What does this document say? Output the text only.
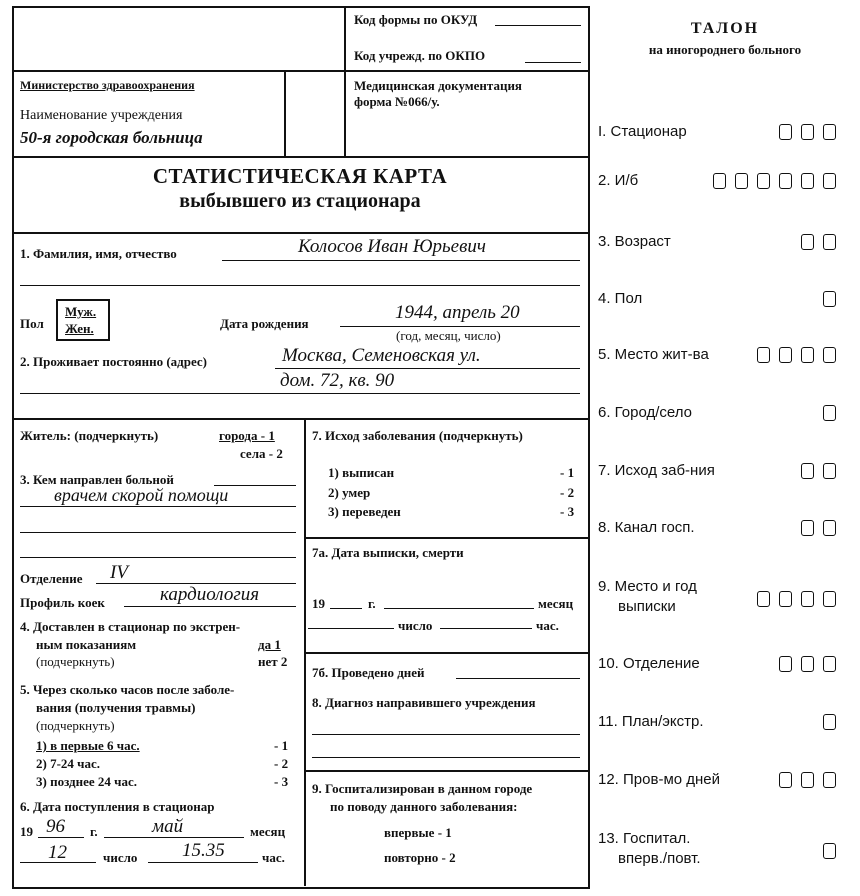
Код формы по ОКУД
Код учрежд. по ОКПО
Министерство здравоохранения
Наименование учреждения
50-я городская больница
Медицинская документация
форма №066/у.
СТАТИСТИЧЕСКАЯ КАРТА
выбывшего из стационара
1. Фамилия, имя, отчество	Колосов Иван Юрьевич
Пол
Муж.
Жен.	Дата рождения
1944, апрель 20
(год, месяц, число)
2. Проживает постоянно (адрес)	Москва, Семеновская ул.
дом. 72, кв. 90
Житель: (подчеркнуть)	города - 1
села - 2
3. Кем направлен больной
врачем скорой помощи
Отделение IV
Профиль коек	кардиология
4. Доставлен в стационар по экстрен-
ным показаниям	да 1
(подчеркнуть)	нет 2
5. Через сколько часов после заболе-
вания (получения травмы)
(подчеркнуть)
1) в первые 6 час.	- 1
2) 7-24 час.	- 2
3) позднее 24 час.	- 3
6. Дата поступления в стационар
19 96 г.	май	месяц
12	число 15.35	час.
7. Исход заболевания (подчеркнуть)
1) выписан	- 1
2) умер	- 2
3) переведен	- 3
7а. Дата выписки, смерти
19	г.	месяц
число	час.
7б. Проведено дней
8. Диагноз направившего учреждения
9. Госпитализирован в данном городе
по поводу данного заболевания:
впервые - 1
повторно - 2
ТАЛОН
на иногороднего больного
I. Стационар
2. И/б
3. Возраст
4. Пол
5. Место жит-ва
6. Город/село
7. Исход заб-ния
8. Канал госп.
9. Место и год
выписки
10. Отделение
11. План/экстр.
12. Пров-мо дней
13. Госпитал.
вперв./повт.
